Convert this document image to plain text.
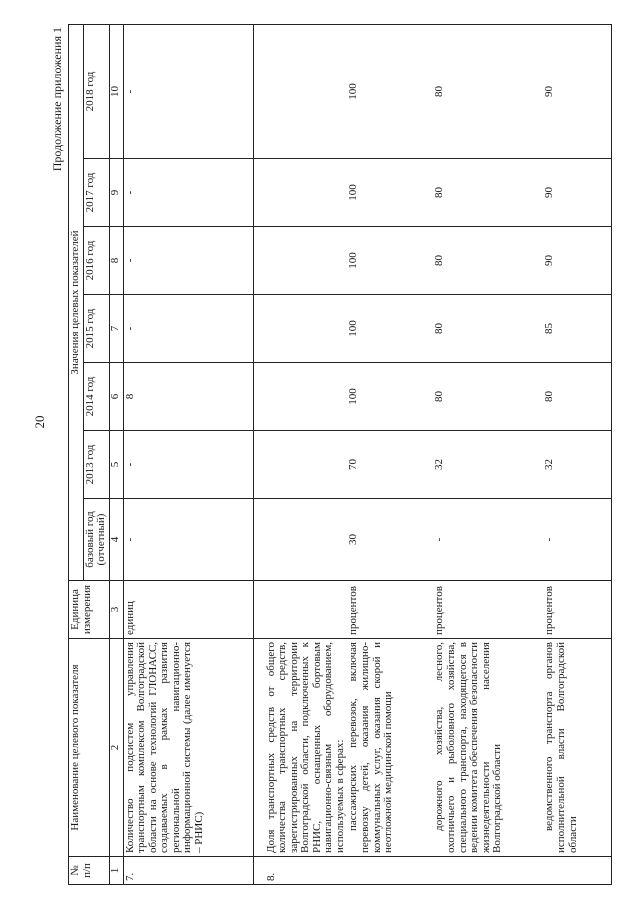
20
Продолжение приложения 1
№ п/п	Наименование целевого показателя	Единица измерения	Значения целевых показателей						
			базовый год (отчетный)	2013 год	2014 год	2015 год	2016 год	2017 год	2018 год
1	2	3	4	5	6	7	8	9	10
7.	Количество подсистем управления транспортным комплексом Волгоградской области на основе технологий ГЛОНАСС, создаваемых в рамках развития региональной навигационно-информационной системы (далее именуется – РНИС)	единиц	-	-	8	-	-	-	-
8.	Доля транспортных средств от общего количества транспортных средств, зарегистрированных на территории Волгоградской области, подключенных к РНИС, оснащенных бортовым навигационно-связным оборудованием, используемых в сферах:								
	пассажирских перевозок, включая перевозку детей, оказания жилищно-коммунальных услуг, оказания скорой и неотложной медицинской помощи	процентов	30	70	100	100	100	100	100
	дорожного хозяйства, лесного, охотничьего и рыболовного хозяйства, специального транспорта, находящегося в ведении комитета обеспечения безопасности жизнедеятельности населения Волгоградской области	процентов	-	32	80	80	80	80	80
	ведомственного транспорта органов исполнительной власти Волгоградской области	процентов	-	32	80	85	90	90	90
